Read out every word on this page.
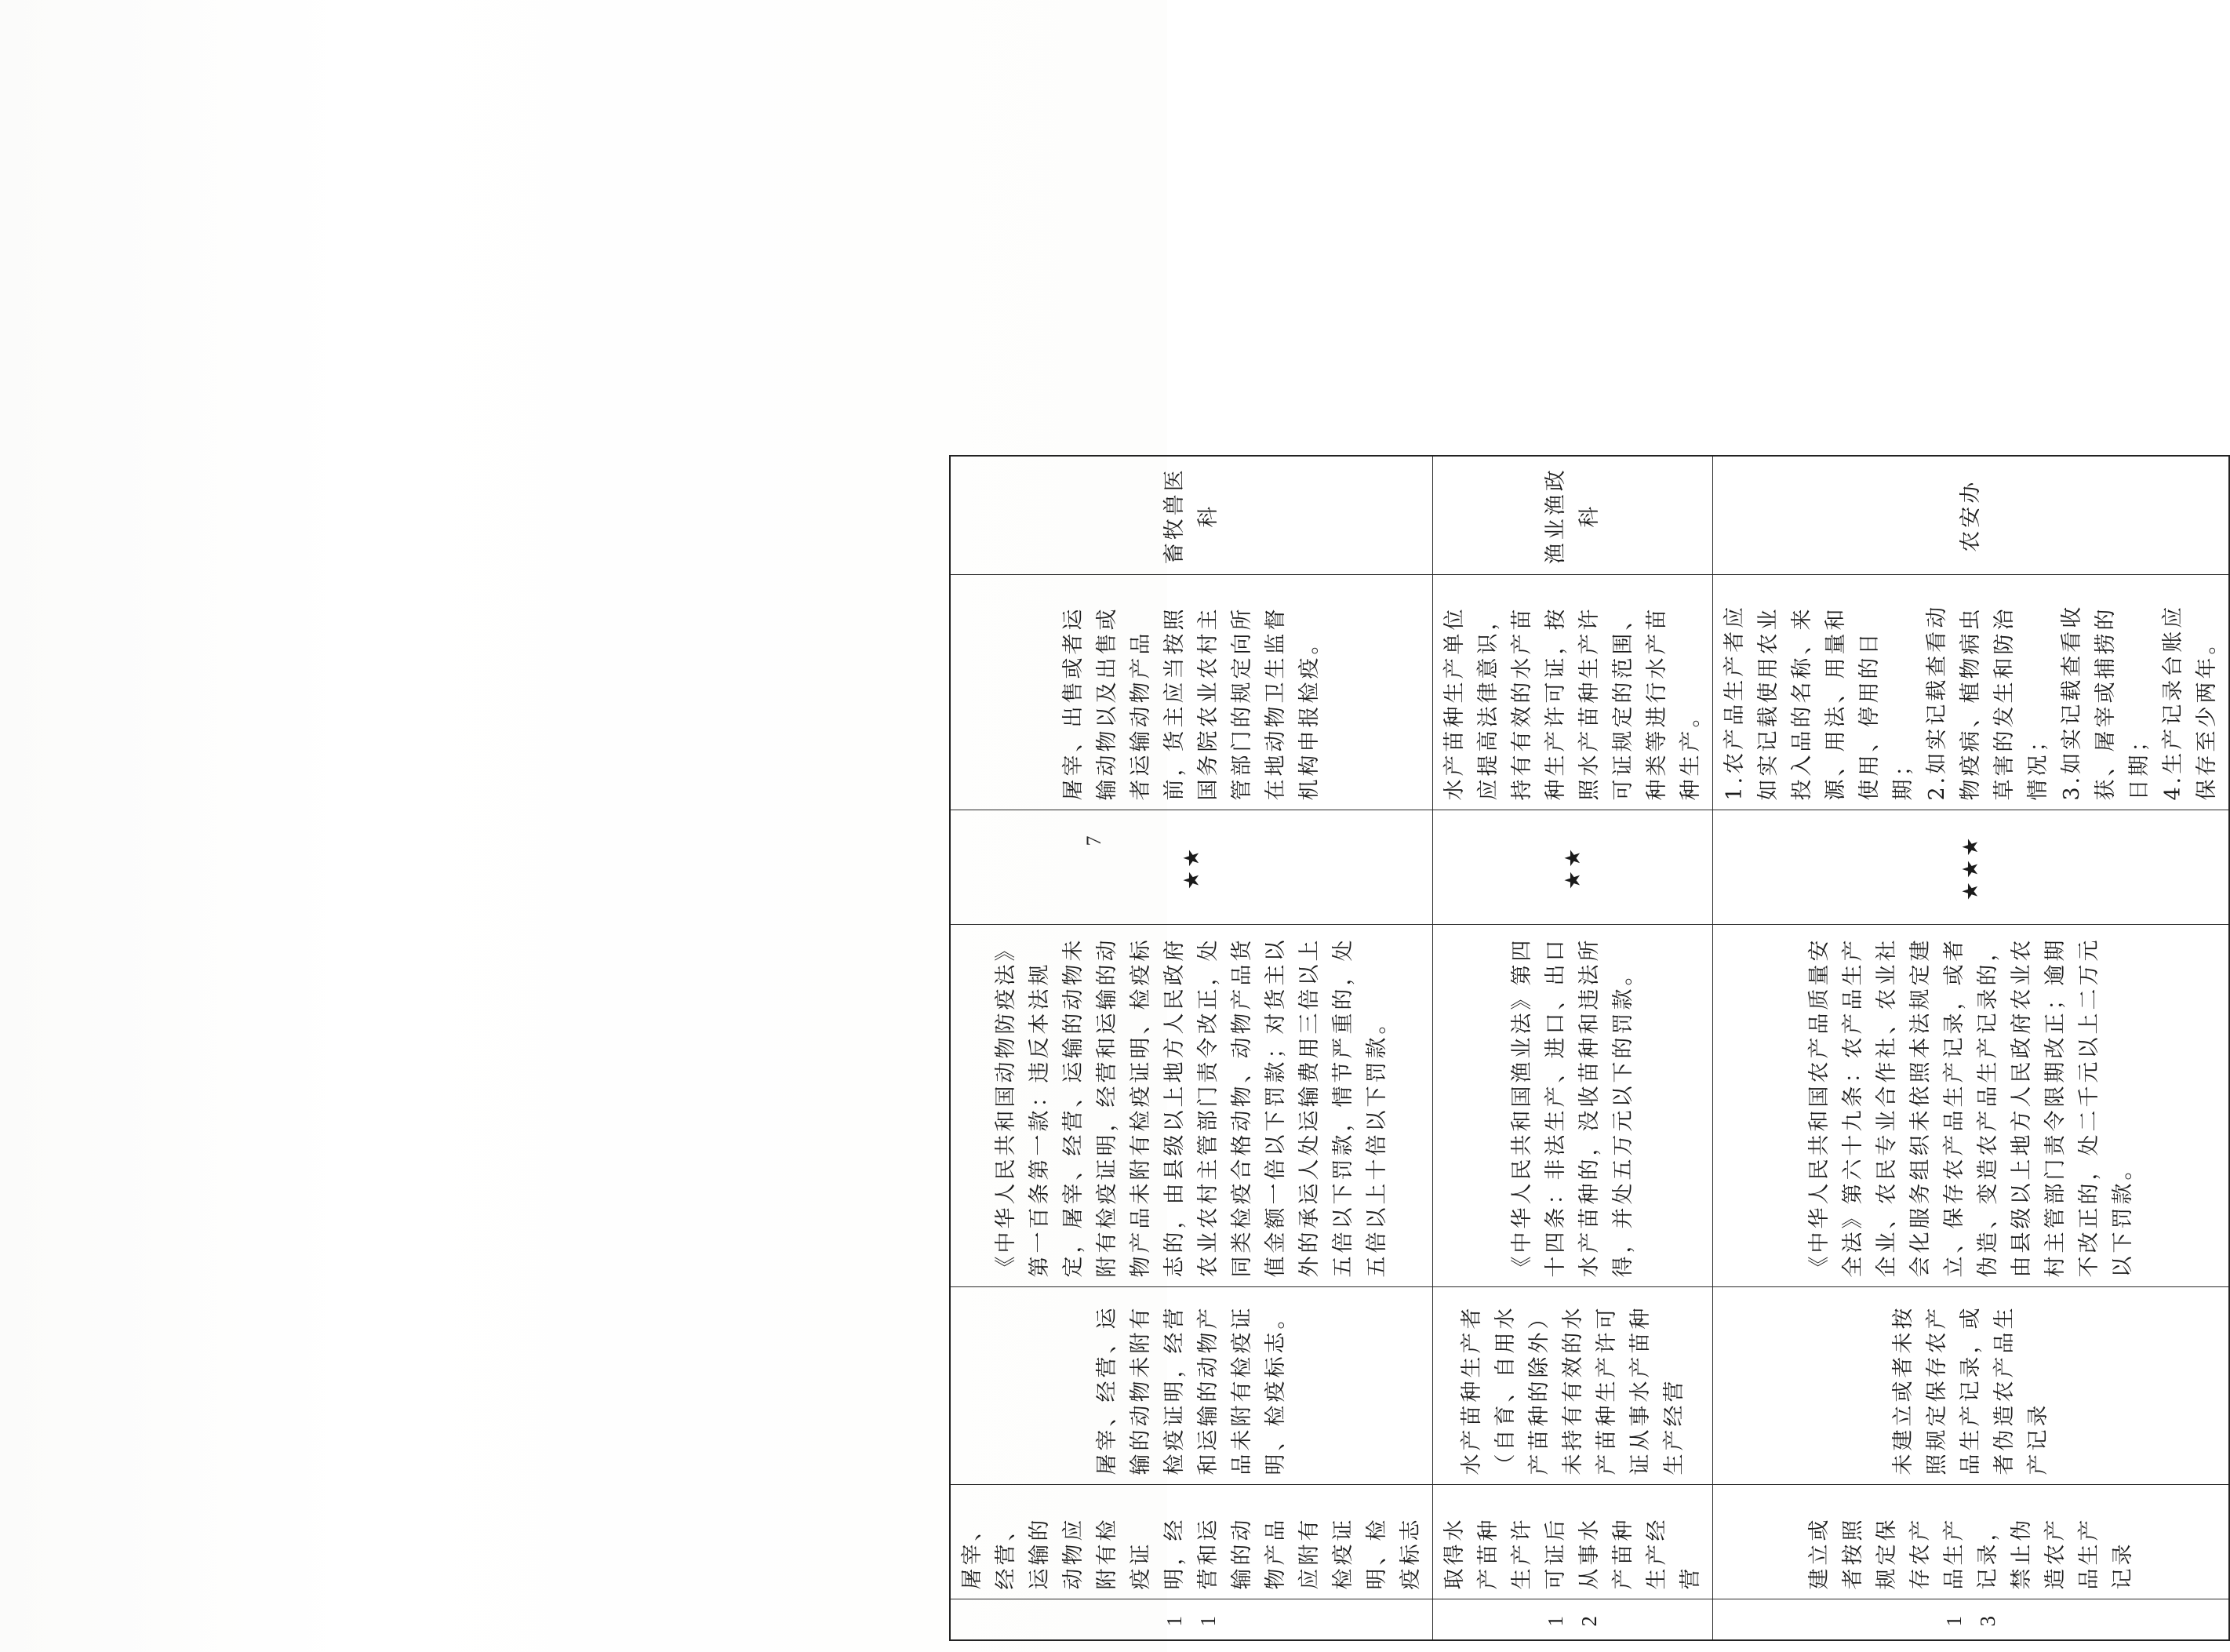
11	屠宰、经营、运输的动物应附有检疫证明，经营和运输的动物产品应附有检疫证明、检疫标志	屠宰、经营、运输的动物未附有检疫证明，经营和运输的动物产品未附有检疫证明、检疫标志。	《中华人民共和国动物防疫法》第一百条第一款：违反本法规定，屠宰、经营、运输的动物未附有检疫证明，经营和运输的动物产品未附有检疫证明、检疫标志的，由县级以上地方人民政府农业农村主管部门责令改正，处同类检疫合格动物、动物产品货值金额一倍以下罚款；对货主以外的承运人处运输费用三倍以上五倍以下罚款，情节严重的，处五倍以上十倍以下罚款。	★★	屠宰、出售或者运输动物以及出售或者运输动物产品前，货主应当按照国务院农业农村主管部门的规定向所在地动物卫生监督机构申报检疫。	畜牧兽医科
12	取得水产苗种生产许可证后从事水产苗种生产经营	水产苗种生产者（自育、自用水产苗种的除外）未持有有效的水产苗种生产许可证从事水产苗种生产经营	《中华人民共和国渔业法》第四十四条：非法生产、进口、出口水产苗种的，没收苗种和违法所得，并处五万元以下的罚款。	★★	水产苗种生产单位应提高法律意识，持有有效的水产苗种生产许可证，按照水产苗种生产许可证规定的范围、种类等进行水产苗种生产。	渔业渔政科
13	建立或者按照规定保存农产品生产记录，禁止伪造农产品生产记录	未建立或者未按照规定保存农产品生产记录，或者伪造农产品生产记录	《中华人民共和国农产品质量安全法》第六十九条：农产品生产企业、农民专业合作社、农业社会化服务组织未依照本法规定建立、保存农产品生产记录，或者伪造、变造农产品生产记录的，由县级以上地方人民政府农业农村主管部门责令限期改正；逾期不改正的，处二千元以上二万元以下罚款。	★★★	1.农产品生产者应如实记载使用农业投入品的名称、来源、用法、用量和使用、停用的日期； 2.如实记载查看动物疫病、植物病虫草害的发生和防治情况； 3.如实记载查看收获、屠宰或捕捞的日期； 4.生产记录台账应保存至少两年。	农安办
7
